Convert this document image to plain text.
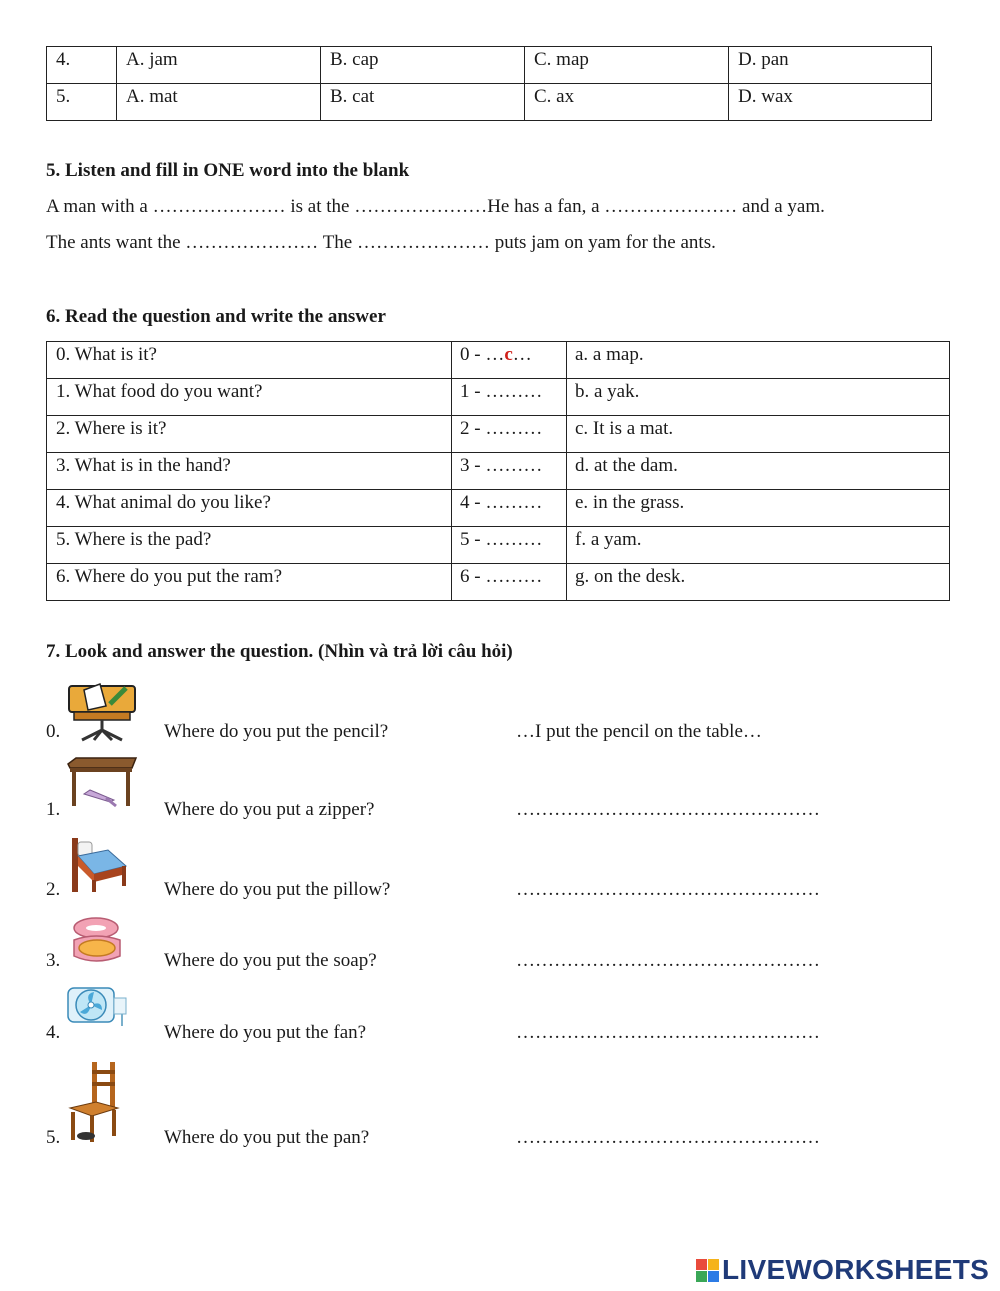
4.	A. jam	B. cap	C. map	D. pan
5.	A. mat	B. cat	C. ax	D. wax
5. Listen and fill in ONE word into the blank
A man with a ………………… is at the …………………He has a fan, a ………………… and a yam.
The ants want the ………………… The ………………… puts jam on yam for the ants.
6. Read the question and write the answer
0. What is it?	0 - …c…	a. a map.
1. What food do you want?	1 - ………	b. a yak.
2. Where is it?	2 - ………	c. It is a mat.
3. What is in the hand?	3 - ………	d. at the dam.
4. What animal do you like?	4 - ………	e. in the grass.
5. Where is the pad?	5 - ………	f. a yam.
6. Where do you put the ram?	6 - ………	g. on the desk.
7. Look and answer the question. (Nhìn và trả lời câu hỏi)
0.	Where do you put the pencil?	…I put the pencil on the table…
1.	Where do you put a zipper?	…………………………………………
2.	Where do you put the pillow?	…………………………………………
3.	Where do you put the soap?	…………………………………………
4.	Where do you put the fan?	…………………………………………
5.	Where do you put the pan?	…………………………………………
LIVEWORKSHEETS
